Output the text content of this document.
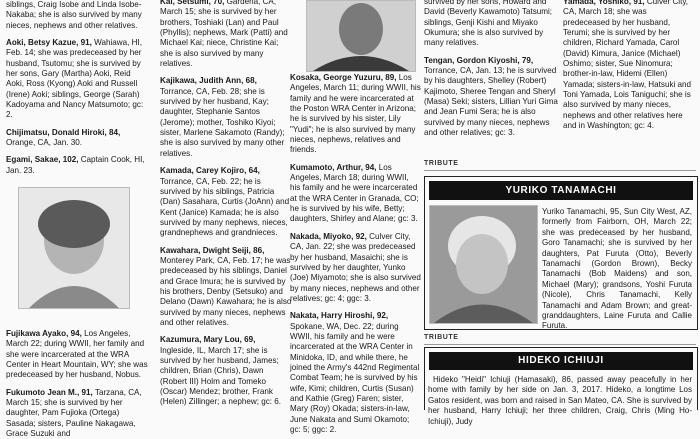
siblings, Craig Isobe and Linda Isobe-Nakaba; she is also survived by many nieces, nephews and other relatives.

Aoki, Betsy Kazue, 91, Wahiawa, HI, Feb. 14; she was predeceased by her husband, Tsutomu; she is survived by her sons, Gary (Martha) Aoki, Reid Aoki, Ross (Kyong) Aoki and Russell (Irene) Aoki; siblings, George (Sarah) Kadoyama and Nancy Matsumoto; gc: 2.

Chijimatsu, Donald Hiroki, 84, Orange, CA, Jan. 30.

Egami, Sakae, 102, Captain Cook, HI, Jan. 23.

Fujikawa Ayako, 94, Los Angeles, March 22; during WWII, her family and she were incarcerated at the WRA Center in Heart Mountain, WY; she was predeceased by her husband, Nobus.

Fukumoto Jean M., 91, Tarzana, CA, March 15; she is survived by her daughter, Pam Fujioka (Ortega) Sasada; sisters, Pauline Nakagawa, Grace Suzuki and

Kai, Setsumi, 70, Gardena, CA, March 15; she is survived by her brothers, Toshiaki (Lan) and Paul (Phyllis); nephews, Mark (Patti) and Michael Kai; niece, Christine Kai; she is also survived by many relatives.

Kajikawa, Judith Ann, 68, Torrance, CA, Feb. 28; she is survived by her husband, Kay; daughter, Stephanie Santos (Jerome); mother, Toshiko Kiyoi; sister, Marlene Sakamoto (Randy); she is also survived by many other relatives.

Kamada, Carey Kojiro, 64, Torrance, CA, Feb. 22; he is survived by his siblings, Patricia (Dan) Sasahara, Curtis (JoAnn) and Kent (Janice) Kamada; he is also survived by many nephews, nieces, grandnephews and grandnieces.

Kawahara, Dwight Seiji, 86, Monterey Park, CA, Feb. 17; he was predeceased by his siblings, Daniel and Grace Imura; he is survived by his brothers, Denby (Setsuko) and Delano (Dawn) Kawahara; he is also survived by many nieces, nephews and other relatives.

Kazumura, Mary Lou, 69, Ingleside, IL, March 17; she is survived by her husband, James; children, Brian (Chris), Dawn (Robert III) Holm and Tomeko (Oscar) Mendez; brother, Frank (Helen) Zillinger; a nephew; gc: 6.

Kosaka, George Yuzuru, 89, Los Angeles, March 11; during WWII, his family and he were incarcerated at the Poston WRA Center in Arizona; he is survived by his sister, Lily "Yudi"; he is also survived by many nieces, nephews, relatives and friends.

Kumamoto, Arthur, 94, Los Angeles, March 18; during WWII, his family and he were incarcerated at the WRA Center in Granada, CO; he is survived by his wife, Betty; daughters, Shirley and Alane; gc: 3.

Nakada, Miyoko, 92, Culver City, CA, Jan. 22; she was predeceased by her husband, Masaichi; she is survived by her daughter, Yunko (Joe) Miyamoto; she is also survived by many nieces, nephews and other relatives; gc: 4; ggc: 3.

Nakata, Harry Hiroshi, 92, Spokane, WA, Dec. 22; during WWII, his family and he were incarcerated at the WRA Center in Minidoka, ID, and while there, he joined the Army's 442nd Regimental Combat Team; he is survived by his wife, Kimi; children, Curtis (Susan) and Kathie (Greg) Faren; sister, Mary (Roy) Okada; sisters-in-law, June Nakata and Sumi Okamoto; gc: 5; ggc: 2.

survived by her sons, Howard and David (Beverly Kawamoto) Tatsumi; siblings, Genji Kishi and Miyako Okumura; she is also survived by many relatives.

Tengan, Gordon Kiyoshi, 79, Torrance, CA, Jan. 13; he is survived by his daughters, Shelley (Robert) Kajimoto, Sheree Tengan and Sheryl (Masa) Seki; sisters, Lillian Yuri Gima and Jean Fumi Sera; he is also survived by many nieces, nephews and other relatives; gc: 3.

Yamada, Yoshiko, 91, Culver City, CA, March 18; she was predeceased by her husband, Terumi; she is survived by her children, Richard Yamada, Carol (David) Kimura, Janice (Michael) Oshimo; sister, Sue Ninomura; brother-in-law, Hidemi (Ellen) Yamada; sisters-in-law, Hatsuki and Toni Yamada, Lois Taniguchi; she is also survived by many nieces, nephews and other relatives here and in Washington; gc: 4.

TRIBUTE
YURIKO TANAMACHI
Yuriko Tanamachi, 95, Sun City West, AZ, formerly from Fairborn, OH, March 22; she was predeceased by her husband, Goro Tanamachi; she is survived by her daughters, Pat Furuta (Otto), Beverly Tanamachi (Gordon Brown), Becky Tanamachi (Bob Maidens) and son, Michael (Mary); grandsons, Yoshi Furuta (Nicole), Chris Tanamachi, Kelly Tanamachi and Adam Brown; and great-granddaughters, Laine Furuta and Callie Furuta.
TRIBUTE
HIDEKO ICHIUJI
Hideko "Heidi" Ichiuji (Hamasaki), 86, passed away peacefully in her home with family by her side on Jan. 3, 2017. Hideko, a longtime Los Gatos resident, was born and raised in San Mateo, CA. She is survived by her husband, Harry Ichiuji; her three children, Craig, Chris (Ming Ho-Ichiuji), Judy
